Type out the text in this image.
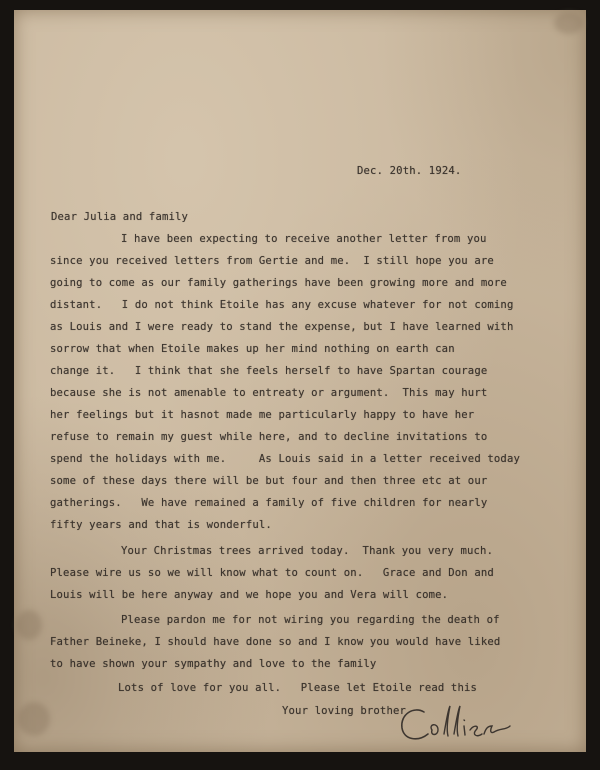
Dec. 20th. 1924.
Dear Julia and family
I have been expecting to receive another letter from you
since you received letters from Gertie and me.  I still hope you are
going to come as our family gatherings have been growing more and more
distant.   I do not think Etoile has any excuse whatever for not coming
as Louis and I were ready to stand the expense, but I have learned with
sorrow that when Etoile makes up her mind nothing on earth can
change it.   I think that she feels herself to have Spartan courage
because she is not amenable to entreaty or argument.  This may hurt
her feelings but it hasnot made me particularly happy to have her
refuse to remain my guest while here, and to decline invitations to
spend the holidays with me.     As Louis said in a letter received today
some of these days there will be but four and then three etc at our
gatherings.   We have remained a family of five children for nearly
fifty years and that is wonderful.
Your Christmas trees arrived today.  Thank you very much.
Please wire us so we will know what to count on.   Grace and Don and
Louis will be here anyway and we hope you and Vera will come.
Please pardon me for not wiring you regarding the death of
Father Beineke, I should have done so and I know you would have liked
to have shown your sympathy and love to the family
Lots of love for you all.   Please let Etoile read this
Your loving brother
